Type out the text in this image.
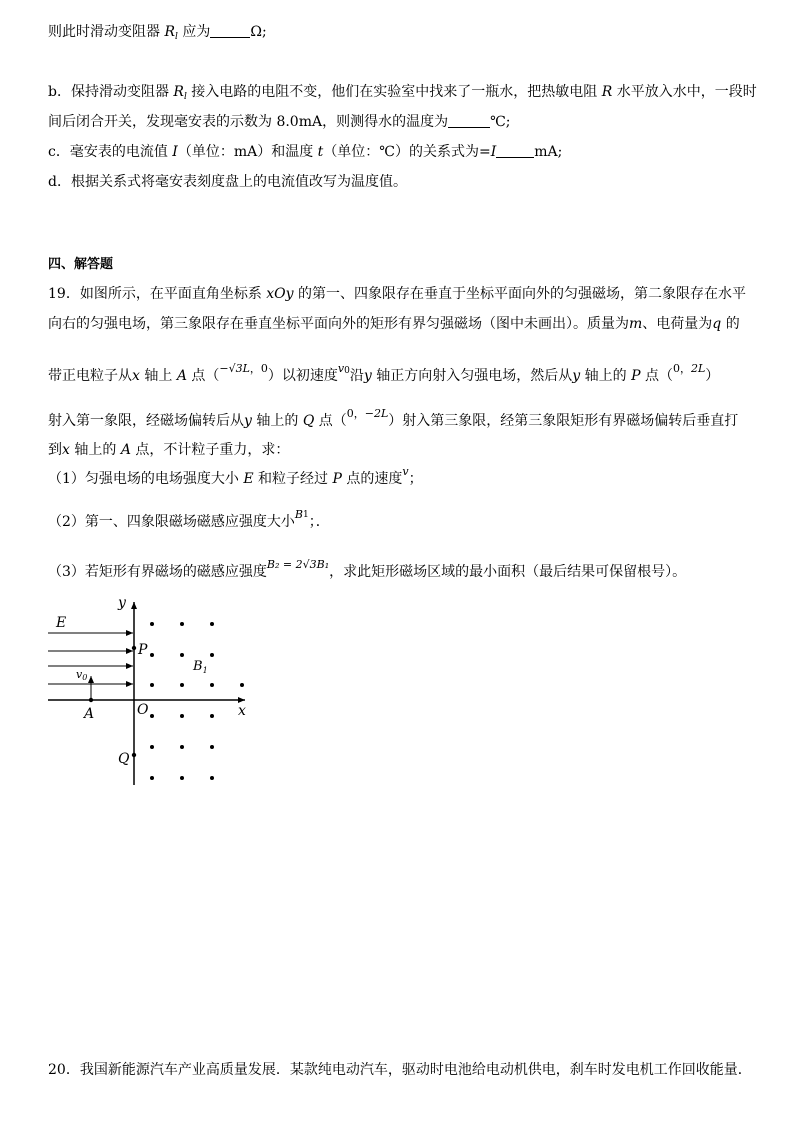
则此时滑动变阻器 $R_l$ 应为	Ω;
b．保持滑动变阻器 $R_l$ 接入电路的电阻不变，他们在实验室中找来了一瓶水，把热敏电阻 R 水平放入水中，一段时
间后闭合开关，发现毫安表的示数为 8.0mA，则测得水的温度为	℃;
c．毫安表的电流值 I（单位：mA）和温度 t（单位：℃）的关系式为=I	mA;
d．根据关系式将毫安表刻度盘上的电流值改写为温度值。
四、解答题
19．如图所示，在平面直角坐标系 xOy 的第一、四象限存在垂直于坐标平面向外的匀强磁场，第二象限存在水平
向右的匀强电场，第三象限存在垂直坐标平面向外的矩形有界匀强磁场（图中未画出）。质量为m、电荷量为q 的
带正电粒子从x 轴上 A 点（$^{-√3L,0}$）以初速度$^{v0}$沿y 轴正方向射入匀强电场，然后从y 轴上的 P 点（$^{0,2L}$）
射入第一象限，经磁场偏转后从y 轴上的 Q 点（$^{0,-2L}$）射入第三象限，经第三象限矩形有界磁场偏转后垂直打
到x 轴上的 A 点，不计粒子重力，求：
（1）匀强电场的电场强度大小 E 和粒子经过 P 点的速度$^v$；
（2）第一、四象限磁场磁感应强度大小$^{B1}$；．
（3）若矩形有界磁场的磁感应强度$^{B_2 = 2√3B_1}$，求此矩形磁场区域的最小面积（最后结果可保留根号）。
y
x
E
v0
A	O
P
Q
$B_1$
20．我国新能源汽车产业高质量发展．某款纯电动汽车，驱动时电池给电动机供电，刹车时发电机工作回收能量．
